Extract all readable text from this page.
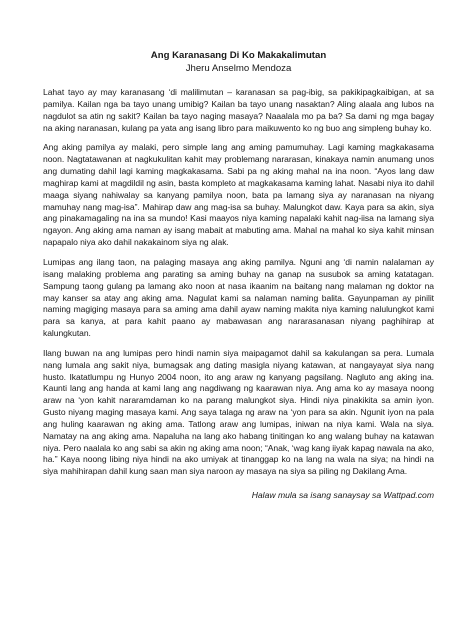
Ang Karanasang Di Ko Makakalimutan
Jheru Anselmo Mendoza

Lahat tayo ay may karanasang ‘di malilimutan – karanasan sa pag-ibig, sa pakikipagkaibigan, at sa pamilya. Kailan nga ba tayo unang umibig? Kailan ba tayo unang nasaktan? Aling alaala ang lubos na nagdulot sa atin ng sakit? Kailan ba tayo naging masaya? Naaalala mo pa ba? Sa dami ng mga bagay na aking naranasan, kulang pa yata ang isang libro para maikuwento ko ng buo ang simpleng buhay ko.

Ang aking pamilya ay malaki, pero simple lang ang aming pamumuhay. Lagi kaming magkakasama noon. Nagtatawanan at nagkukulitan kahit may problemang nararasan, kinakaya namin anumang unos ang dumating dahil lagi kaming magkakasama. Sabi pa ng aking mahal na ina noon. “Ayos lang daw maghirap kami at magdildil ng asin, basta kompleto at magkakasama kaming lahat. Nasabi niya ito dahil maaga siyang nahiwalay sa kanyang pamilya noon, bata pa lamang siya ay naranasan na niyang mamuhay nang mag-isa”. Mahirap daw ang mag-isa sa buhay. Malungkot daw. Kaya para sa akin, siya ang pinakamagaling na ina sa mundo! Kasi maayos niya kaming napalaki kahit nag-iisa na lamang siya ngayon. Ang aking ama naman ay isang mabait at mabuting ama. Mahal na mahal ko siya kahit minsan napapalo niya ako dahil nakakainom siya ng alak.

Lumipas ang ilang taon, na palaging masaya ang aking pamilya. Nguni ang ‘di namin nalalaman ay isang malaking problema ang parating sa aming buhay na ganap na susubok sa aming katatagan. Sampung taong gulang pa lamang ako noon at nasa ikaanim na baitang nang malaman ng doktor na may kanser sa atay ang aking ama. Nagulat kami sa nalaman naming balita. Gayunpaman ay pinilit naming magiging masaya para sa aming ama dahil ayaw naming makita niya kaming nalulungkot kami para sa kanya, at para kahit paano ay mabawasan ang nararasanasan niyang paghihirap at kalungkutan.

Ilang buwan na ang lumipas pero hindi namin siya maipagamot dahil sa kakulangan sa pera. Lumala nang lumala ang sakit niya, bumagsak ang dating masigla niyang katawan, at nangayayat siya nang husto. Ikatatlumpu ng Hunyo 2004 noon, ito ang araw ng kanyang pagsilang. Nagluto ang aking ina. Kaunti lang ang handa at kami lang ang nagdiwang ng kaarawan niya. Ang ama ko ay masaya noong araw na ‘yon kahit nararamdaman ko na parang malungkot siya. Hindi niya pinakikita sa amin iyon. Gusto niyang maging masaya kami. Ang saya talaga ng araw na ‘yon para sa akin. Ngunit iyon na pala ang huling kaarawan ng aking ama. Tatlong araw ang lumipas, iniwan na niya kami. Wala na siya. Namatay na ang aking ama. Napaluha na lang ako habang tinitingan ko ang walang buhay na katawan niya. Pero naalala ko ang sabi sa akin ng aking ama noon; “Anak, ‘wag kang iiyak kapag nawala na ako, ha.” Kaya noong libing niya hindi na ako umiyak at tinanggap ko na lang na wala na siya; na hindi na siya mahihirapan dahil kung saan man siya naroon ay masaya na siya sa piling ng Dakilang Ama.

Halaw mula sa isang sanaysay sa Wattpad.com
